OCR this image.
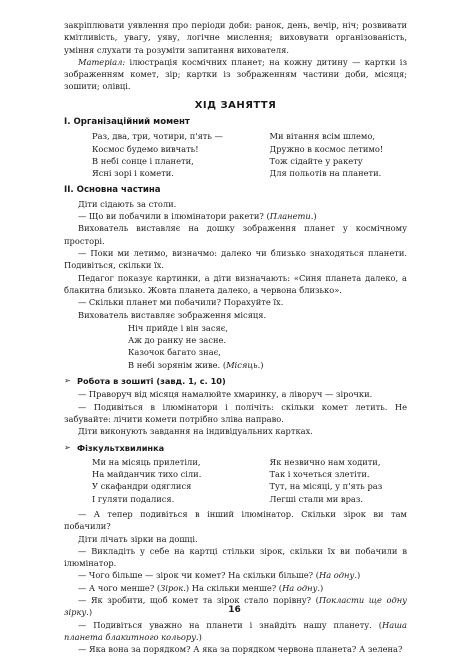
закріплювати уявлення про періоди доби: ранок, день, вечір, ніч; розвивати кмітливість, увагу, уяву, логічне мислення; виховувати організованість, уміння слухати та розуміти запитання вихователя.

Матеріал: ілюстрація космічних планет; на кожну дитину — картки із зображенням комет, зір; картки із зображенням частини доби, місяця; зошити; олівці.

ХІД ЗАНЯТТЯ
I. Організаційний момент
Раз, два, три, чотири, п'ять —
Космос будемо вивчать!
В небі сонце і планети,
Ясні зорі і комети.
Ми вітання всім шлемо,
Дружно в космос летимо!
Тож сідайте у ракету
Для польотів на планети.
II. Основна частина

Діти сідають за столи.

— Що ви побачили в ілюмінатори ракети? (Планети.)

Вихователь виставляє на дошку зображення планет у космічному просторі.

— Поки ми летимо, визначмо: далеко чи близько знаходяться планети. Подивіться, скільки їх.

Педагог показує картинки, а діти визначають: «Синя планета далеко, а блакитна близько. Жовта планета далеко, а червона близько».

— Скільки планет ми побачили? Порахуйте їх.

Вихователь виставляє зображення місяця.

Ніч прийде і він засяє,
Аж до ранку не засне.
Казочок багато знає,
В небі зорянім живе. (Місяць.)
➢ Робота в зошиті (завд. 1, с. 10)

— Праворуч від місяця намалюйте хмаринку, а ліворуч — зірочки.

— Подивіться в ілюмінатори і полічіть: скільки комет летить. Не забувайте: лічити комети потрібно зліва направо.

Діти виконують завдання на індивідуальних картках.

➢ Фізкультхвилинка
Ми на місяць прилетіли,
На майданчик тихо сіли.
У скафандри одяглися
І гуляти подалися.
Як незвично нам ходити,
Так і хочеться злетіти.
Тут, на місяці, у п'ять раз
Легші стали ми враз.

— А тепер подивіться в інший ілюмінатор. Скільки зірок ви там побачили?

Діти лічать зірки на дошці.

— Викладіть у себе на картці стільки зірок, скільки їх ви побачили в ілюмінатор.

— Чого більше — зірок чи комет? На скільки більше? (На одну.)

— А чого менше? (Зірок.) На скільки менше? (На одну.)

— Як зробити, щоб комет та зірок стало порівну? (Покласти ще одну зірку.)

— Подивіться уважно на планети і знайдіть нашу планету. (Наша планета блакитного кольору.)

— Яка вона за порядком? А яка за порядком червона планета? А зелена?

16
